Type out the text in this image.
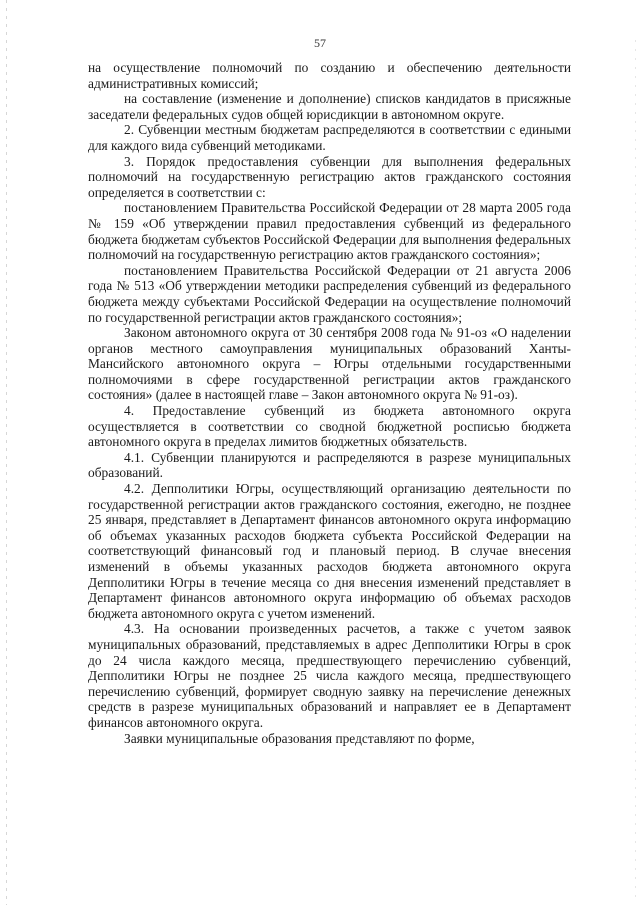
57

на осуществление полномочий по созданию и обеспечению деятельности административных комиссий;

на составление (изменение и дополнение) списков кандидатов в присяжные заседатели федеральных судов общей юрисдикции в автономном округе.

2. Субвенции местным бюджетам распределяются в соответствии с едиными для каждого вида субвенций методиками.

3. Порядок предоставления субвенции для выполнения федеральных полномочий на государственную регистрацию актов гражданского состояния определяется в соответствии с:

постановлением Правительства Российской Федерации от 28 марта 2005 года № 159 «Об утверждении правил предоставления субвенций из федерального бюджета бюджетам субъектов Российской Федерации для выполнения федеральных полномочий на государственную регистрацию актов гражданского состояния»;

постановлением Правительства Российской Федерации от 21 августа 2006 года № 513 «Об утверждении методики распределения субвенций из федерального бюджета между субъектами Российской Федерации на осуществление полномочий по государственной регистрации актов гражданского состояния»;

Законом автономного округа от 30 сентября 2008 года № 91-оз «О наделении органов местного самоуправления муниципальных образований Ханты-Мансийского автономного округа – Югры отдельными государственными полномочиями в сфере государственной регистрации актов гражданского состояния» (далее в настоящей главе – Закон автономного округа № 91-оз).

4. Предоставление субвенций из бюджета автономного округа осуществляется в соответствии со сводной бюджетной росписью бюджета автономного округа в пределах лимитов бюджетных обязательств.

4.1. Субвенции планируются и распределяются в разрезе муниципальных образований.

4.2. Депполитики Югры, осуществляющий организацию деятельности по государственной регистрации актов гражданского состояния, ежегодно, не позднее 25 января, представляет в Департамент финансов автономного округа информацию об объемах указанных расходов бюджета субъекта Российской Федерации на соответствующий финансовый год и плановый период. В случае внесения изменений в объемы указанных расходов бюджета автономного округа Депполитики Югры в течение месяца со дня внесения изменений представляет в Департамент финансов автономного округа информацию об объемах расходов бюджета автономного округа с учетом изменений.

4.3. На основании произведенных расчетов, а также с учетом заявок муниципальных образований, представляемых в адрес Депполитики Югры в срок до 24 числа каждого месяца, предшествующего перечислению субвенций, Депполитики Югры не позднее 25 числа каждого месяца, предшествующего перечислению субвенций, формирует сводную заявку на перечисление денежных средств в разрезе муниципальных образований и направляет ее в Департамент финансов автономного округа.

Заявки муниципальные образования представляют по форме,
